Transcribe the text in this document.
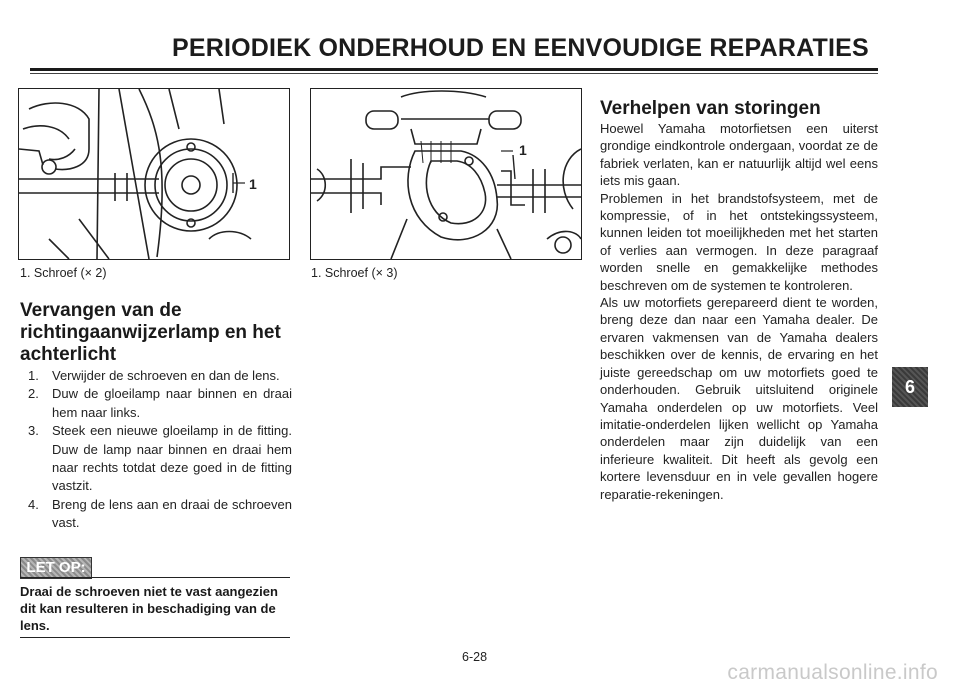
PERIODIEK ONDERHOUD EN EENVOUDIGE REPARATIES
1
1. Schroef (× 2)
1
1. Schroef (× 3)
Vervangen van de richtingaanwijzerlamp en het achterlicht
1. Verwijder de schroeven en dan de lens.
2. Duw de gloeilamp naar binnen en draai hem naar links.
3. Steek een nieuwe gloeilamp in de fitting. Duw de lamp naar binnen en draai hem naar rechts totdat deze goed in de fitting vastzit.
4. Breng de lens aan en draai de schroeven vast.
LET OP:
Draai de schroeven niet te vast aangezien dit kan resulteren in beschadiging van de lens.
Verhelpen van storingen

Hoewel Yamaha motorfietsen een uiterst grondige eindkontrole ondergaan, voordat ze de fabriek verlaten, kan er natuurlijk altijd wel eens iets mis gaan.

Problemen in het brandstofsysteem, met de kompressie, of in het ontstekingssysteem, kunnen leiden tot moeilijkheden met het starten of verlies aan vermogen. In deze paragraaf worden snelle en gemakkelijke methodes beschreven om de systemen te kontroleren.

Als uw motorfiets gerepareerd dient te worden, breng deze dan naar een Yamaha dealer. De ervaren vakmensen van de Yamaha dealers beschikken over de kennis, de ervaring en het juiste gereedschap om uw motorfiets goed te onderhouden. Gebruik uitsluitend originele Yamaha onderdelen op uw motorfiets. Veel imitatie-onderdelen lijken wellicht op Yamaha onderdelen maar zijn duidelijk van een inferieure kwaliteit. Dit heeft als gevolg een kortere levensduur en in vele gevallen hogere reparatie-rekeningen.

6
6-28
carmanualsonline.info
